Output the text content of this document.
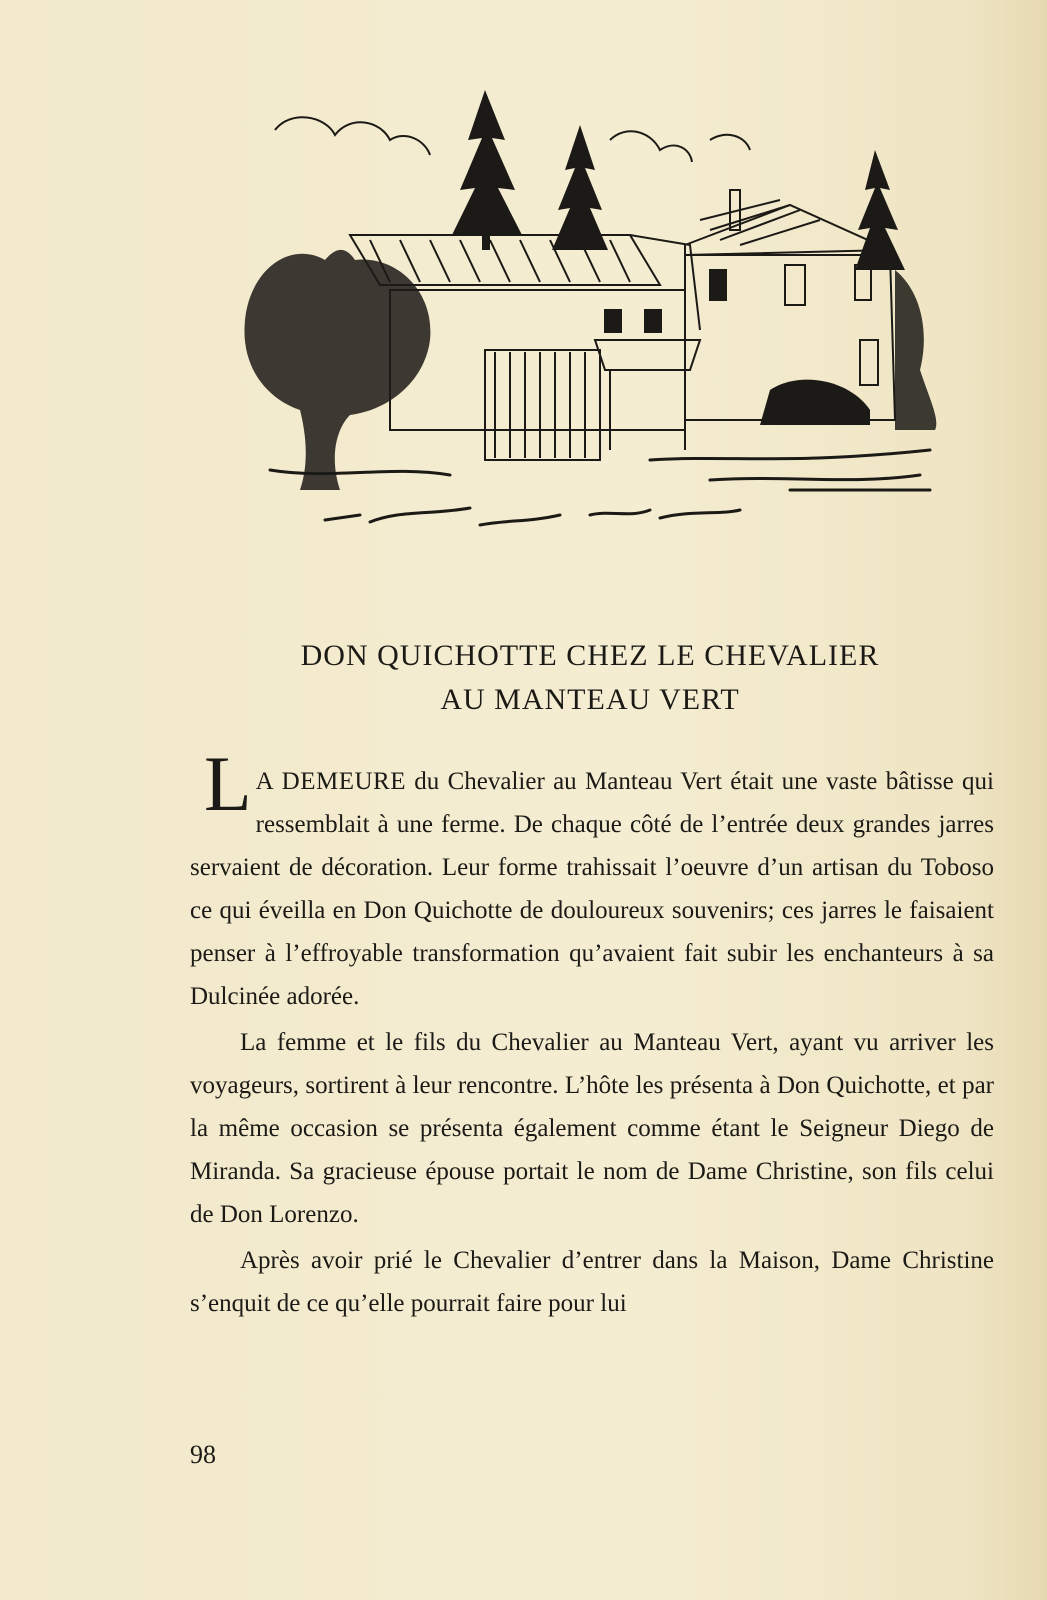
DON QUICHOTTE CHEZ LE CHEVALIER
AU MANTEAU VERT

L A DEMEURE du Chevalier au Manteau Vert était une vaste bâtisse qui ressemblait à une ferme. De chaque côté de l’entrée deux grandes jarres servaient de décoration. Leur forme trahissait l’oeuvre d’un artisan du Toboso ce qui éveilla en Don Quichotte de douloureux souvenirs; ces jarres le faisaient penser à l’effroyable transformation qu’avaient fait subir les enchanteurs à sa Dulcinée adorée.

La femme et le fils du Chevalier au Manteau Vert, ayant vu arriver les voyageurs, sortirent à leur rencontre. L’hôte les présenta à Don Quichotte, et par la même occasion se présenta également comme étant le Seigneur Diego de Miranda. Sa gracieuse épouse portait le nom de Dame Christine, son fils celui de Don Lorenzo.

Après avoir prié le Chevalier d’entrer dans la Maison, Dame Christine s’enquit de ce qu’elle pourrait faire pour lui

98
